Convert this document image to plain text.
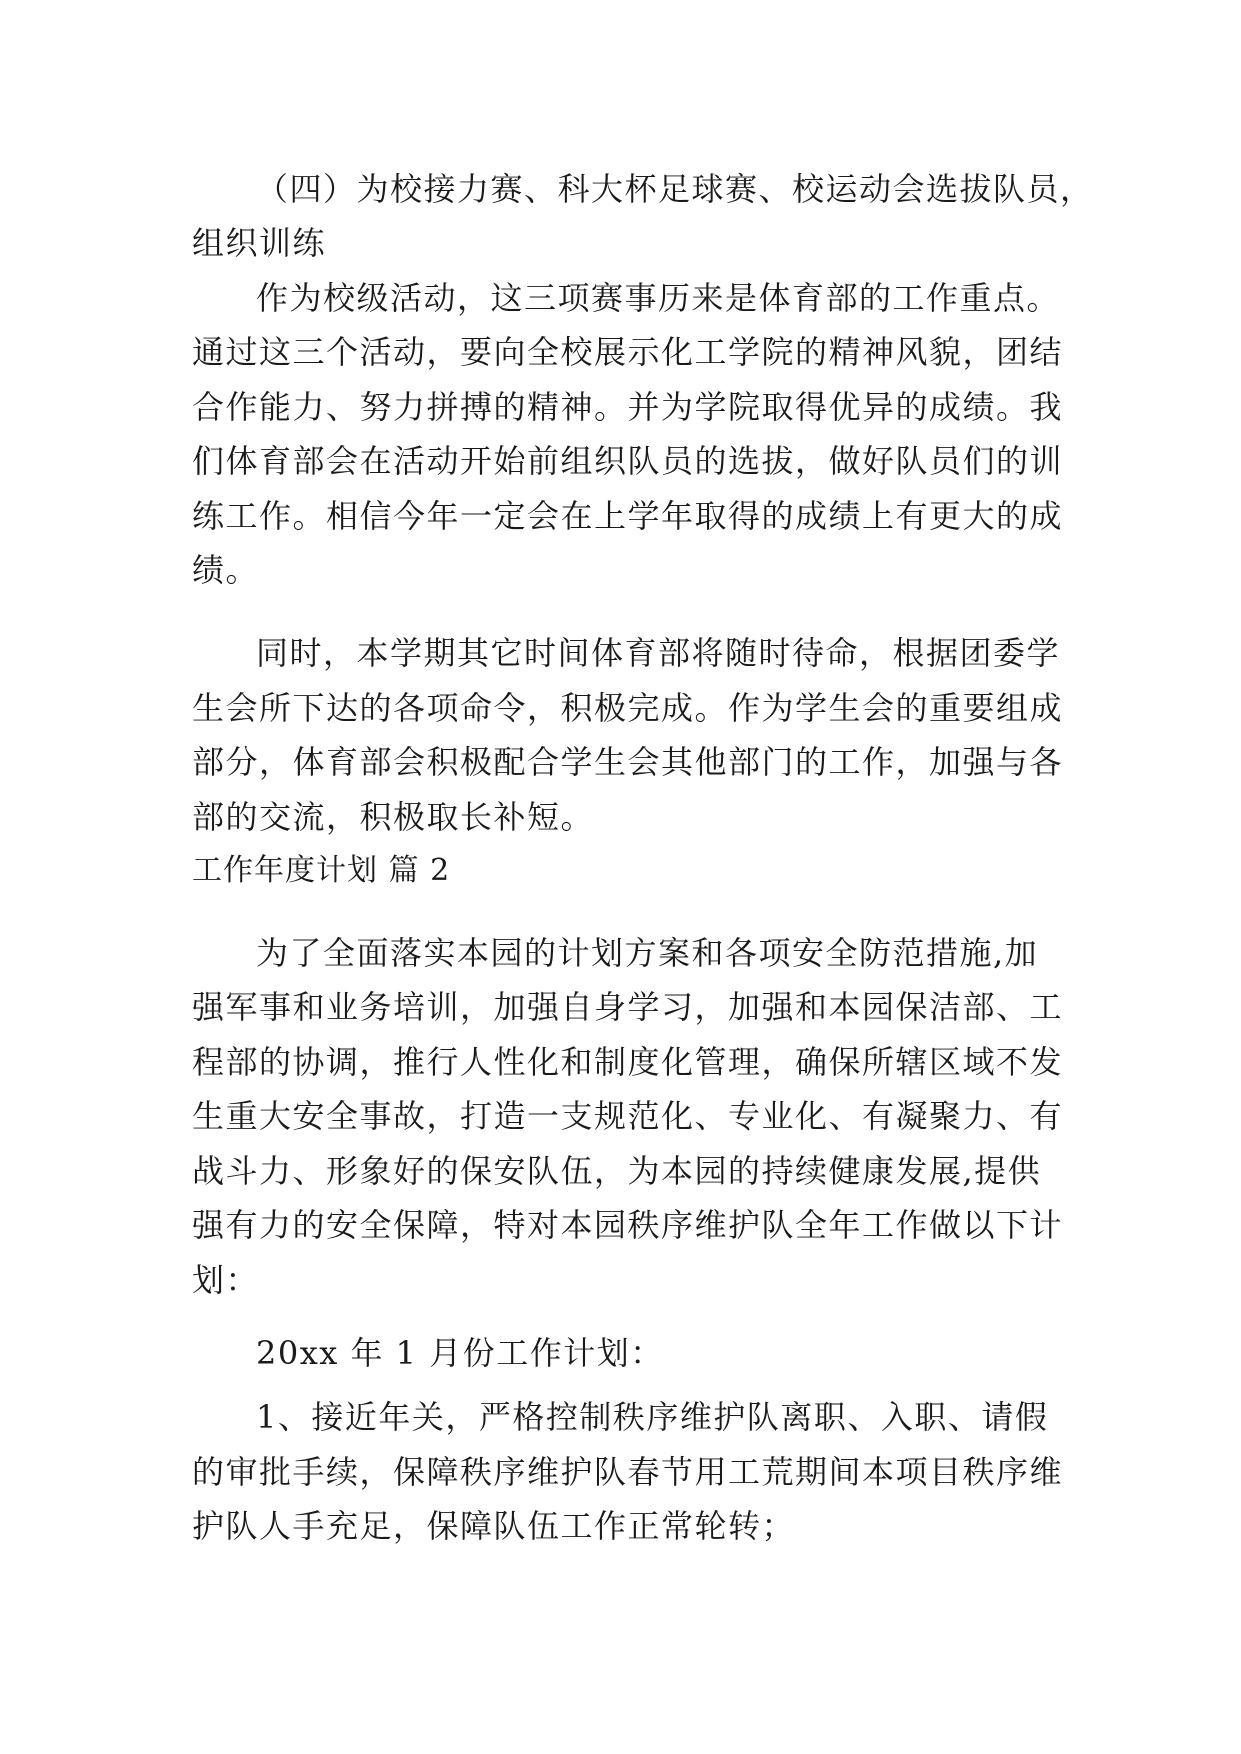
（四）为校接力赛、科大杯足球赛、校运动会选拔队员，
组织训练
作为校级活动，这三项赛事历来是体育部的工作重点。
通过这三个活动，要向全校展示化工学院的精神风貌，团结
合作能力、努力拼搏的精神。并为学院取得优异的成绩。我
们体育部会在活动开始前组织队员的选拔，做好队员们的训
练工作。相信今年一定会在上学年取得的成绩上有更大的成
绩。
同时，本学期其它时间体育部将随时待命，根据团委学
生会所下达的各项命令，积极完成。作为学生会的重要组成
部分，体育部会积极配合学生会其他部门的工作，加强与各
部的交流，积极取长补短。
工作年度计划 篇 2
为了全面落实本园的计划方案和各项安全防范措施,加
强军事和业务培训，加强自身学习，加强和本园保洁部、工
程部的协调，推行人性化和制度化管理，确保所辖区域不发
生重大安全事故，打造一支规范化、专业化、有凝聚力、有
战斗力、形象好的保安队伍，为本园的持续健康发展,提供
强有力的安全保障，特对本园秩序维护队全年工作做以下计
划：
20xx 年 1 月份工作计划：
1、接近年关，严格控制秩序维护队离职、入职、请假
的审批手续，保障秩序维护队春节用工荒期间本项目秩序维
护队人手充足，保障队伍工作正常轮转；
